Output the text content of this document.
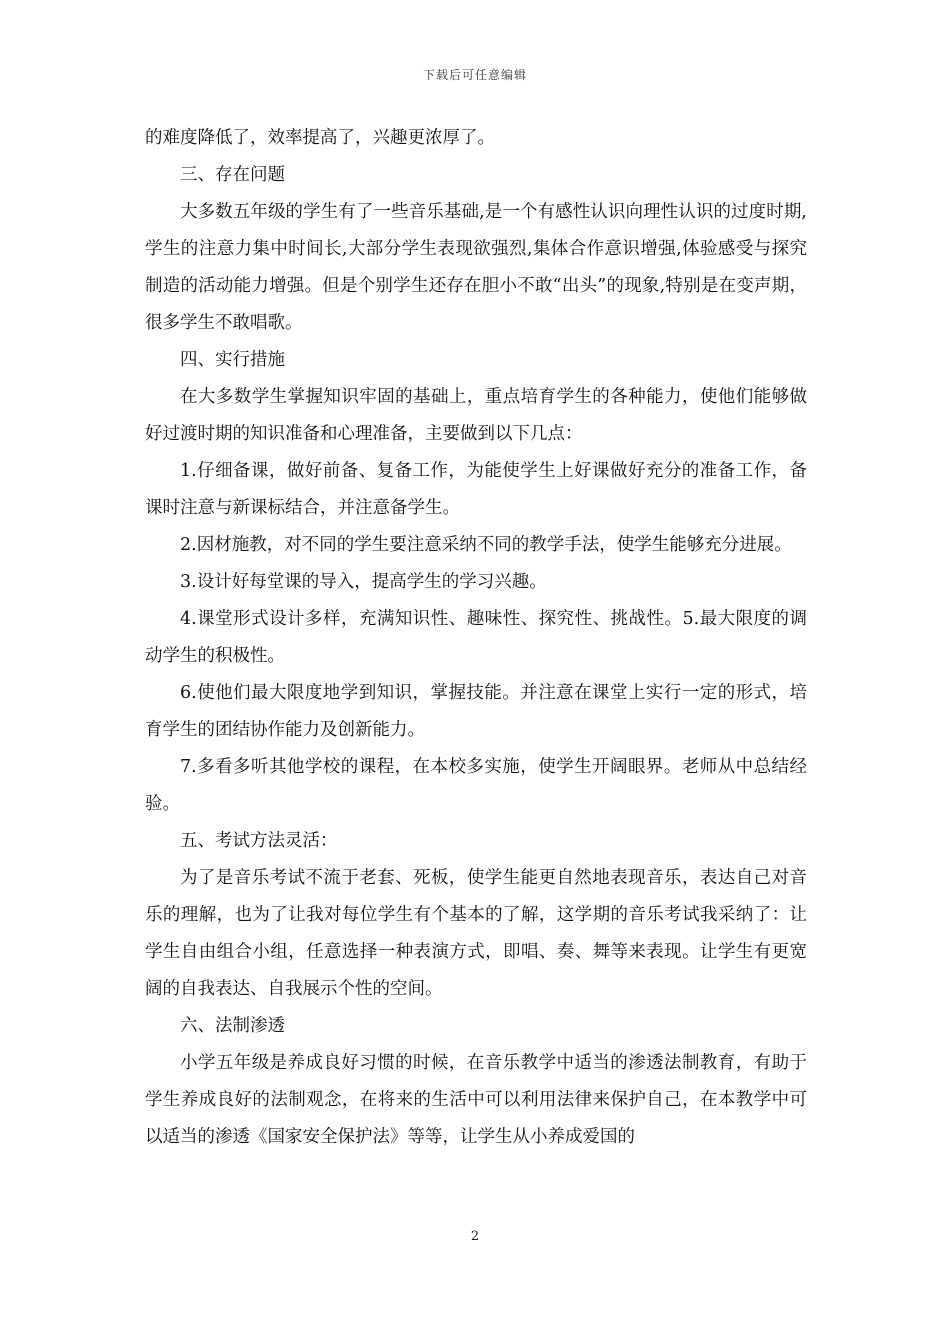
下载后可任意编辑

的难度降低了，效率提高了，兴趣更浓厚了。

三、存在问题

大多数五年级的学生有了一些音乐基础,是一个有感性认识向理性认识的过度时期,学生的注意力集中时间长,大部分学生表现欲强烈,集体合作意识增强,体验感受与探究制造的活动能力增强。但是个别学生还存在胆小不敢“出头”的现象,特别是在变声期，很多学生不敢唱歌。

四、实行措施

在大多数学生掌握知识牢固的基础上，重点培育学生的各种能力，使他们能够做好过渡时期的知识准备和心理准备，主要做到以下几点：

1.仔细备课，做好前备、复备工作，为能使学生上好课做好充分的准备工作，备课时注意与新课标结合，并注意备学生。

2.因材施教，对不同的学生要注意采纳不同的教学手法，使学生能够充分进展。

3.设计好每堂课的导入，提高学生的学习兴趣。

4.课堂形式设计多样，充满知识性、趣味性、探究性、挑战性。5.最大限度的调动学生的积极性。

6.使他们最大限度地学到知识，掌握技能。并注意在课堂上实行一定的形式，培育学生的团结协作能力及创新能力。

7.多看多听其他学校的课程，在本校多实施，使学生开阔眼界。老师从中总结经验。

五、考试方法灵活：

为了是音乐考试不流于老套、死板，使学生能更自然地表现音乐，表达自己对音乐的理解，也为了让我对每位学生有个基本的了解，这学期的音乐考试我采纳了：让学生自由组合小组，任意选择一种表演方式，即唱、奏、舞等来表现。让学生有更宽阔的自我表达、自我展示个性的空间。

六、法制渗透

小学五年级是养成良好习惯的时候，在音乐教学中适当的渗透法制教育，有助于学生养成良好的法制观念，在将来的生活中可以利用法律来保护自己，在本教学中可以适当的渗透《国家安全保护法》等等，让学生从小养成爱国的

2
